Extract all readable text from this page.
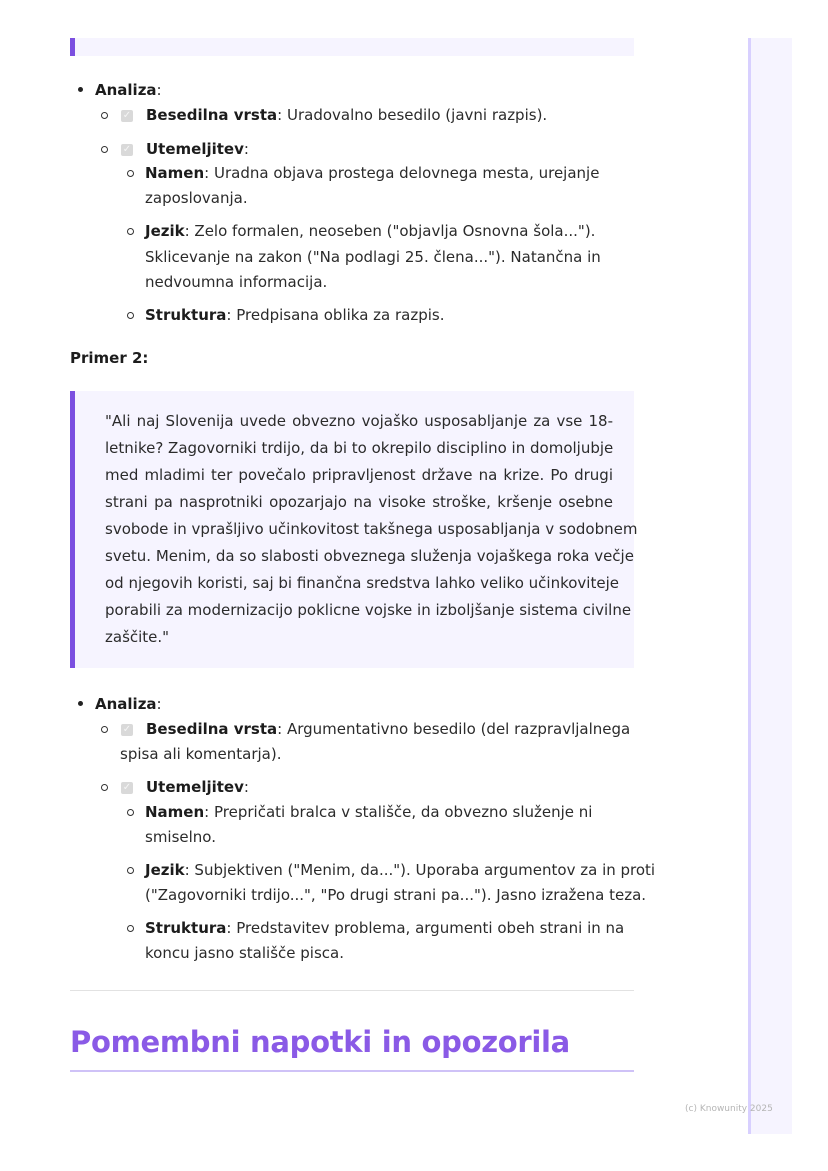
Analiza:
✓ Besedilna vrsta: Uradovalno besedilo (javni razpis).
✓ Utemeljitev:
Namen: Uradna objava prostega delovnega mesta, urejanje
zaposlovanja.
Jezik: Zelo formalen, neoseben ("objavlja Osnovna šola...").
Sklicevanje na zakon ("Na podlagi 25. člena..."). Natančna in
nedvoumna informacija.
Struktura: Predpisana oblika za razpis.
Primer 2:
"Ali naj Slovenija uvede obvezno vojaško usposabljanje za vse 18-
letnike? Zagovorniki trdijo, da bi to okrepilo disciplino in domoljubje
med mladimi ter povečalo pripravljenost države na krize. Po drugi
strani pa nasprotniki opozarjajo na visoke stroške, kršenje osebne
svobode in vprašljivo učinkovitost takšnega usposabljanja v sodobnem
svetu. Menim, da so slabosti obveznega služenja vojaškega roka večje
od njegovih koristi, saj bi finančna sredstva lahko veliko učinkoviteje
porabili za modernizacijo poklicne vojske in izboljšanje sistema civilne
zaščite."
Analiza:
✓ Besedilna vrsta: Argumentativno besedilo (del razpravljalnega
spisa ali komentarja).
✓ Utemeljitev:
Namen: Prepričati bralca v stališče, da obvezno služenje ni
smiselno.
Jezik: Subjektiven ("Menim, da..."). Uporaba argumentov za in proti
("Zagovorniki trdijo...", "Po drugi strani pa..."). Jasno izražena teza.
Struktura: Predstavitev problema, argumenti obeh strani in na
koncu jasno stališče pisca.
Pomembni napotki in opozorila
(c) Knowunity 2025
